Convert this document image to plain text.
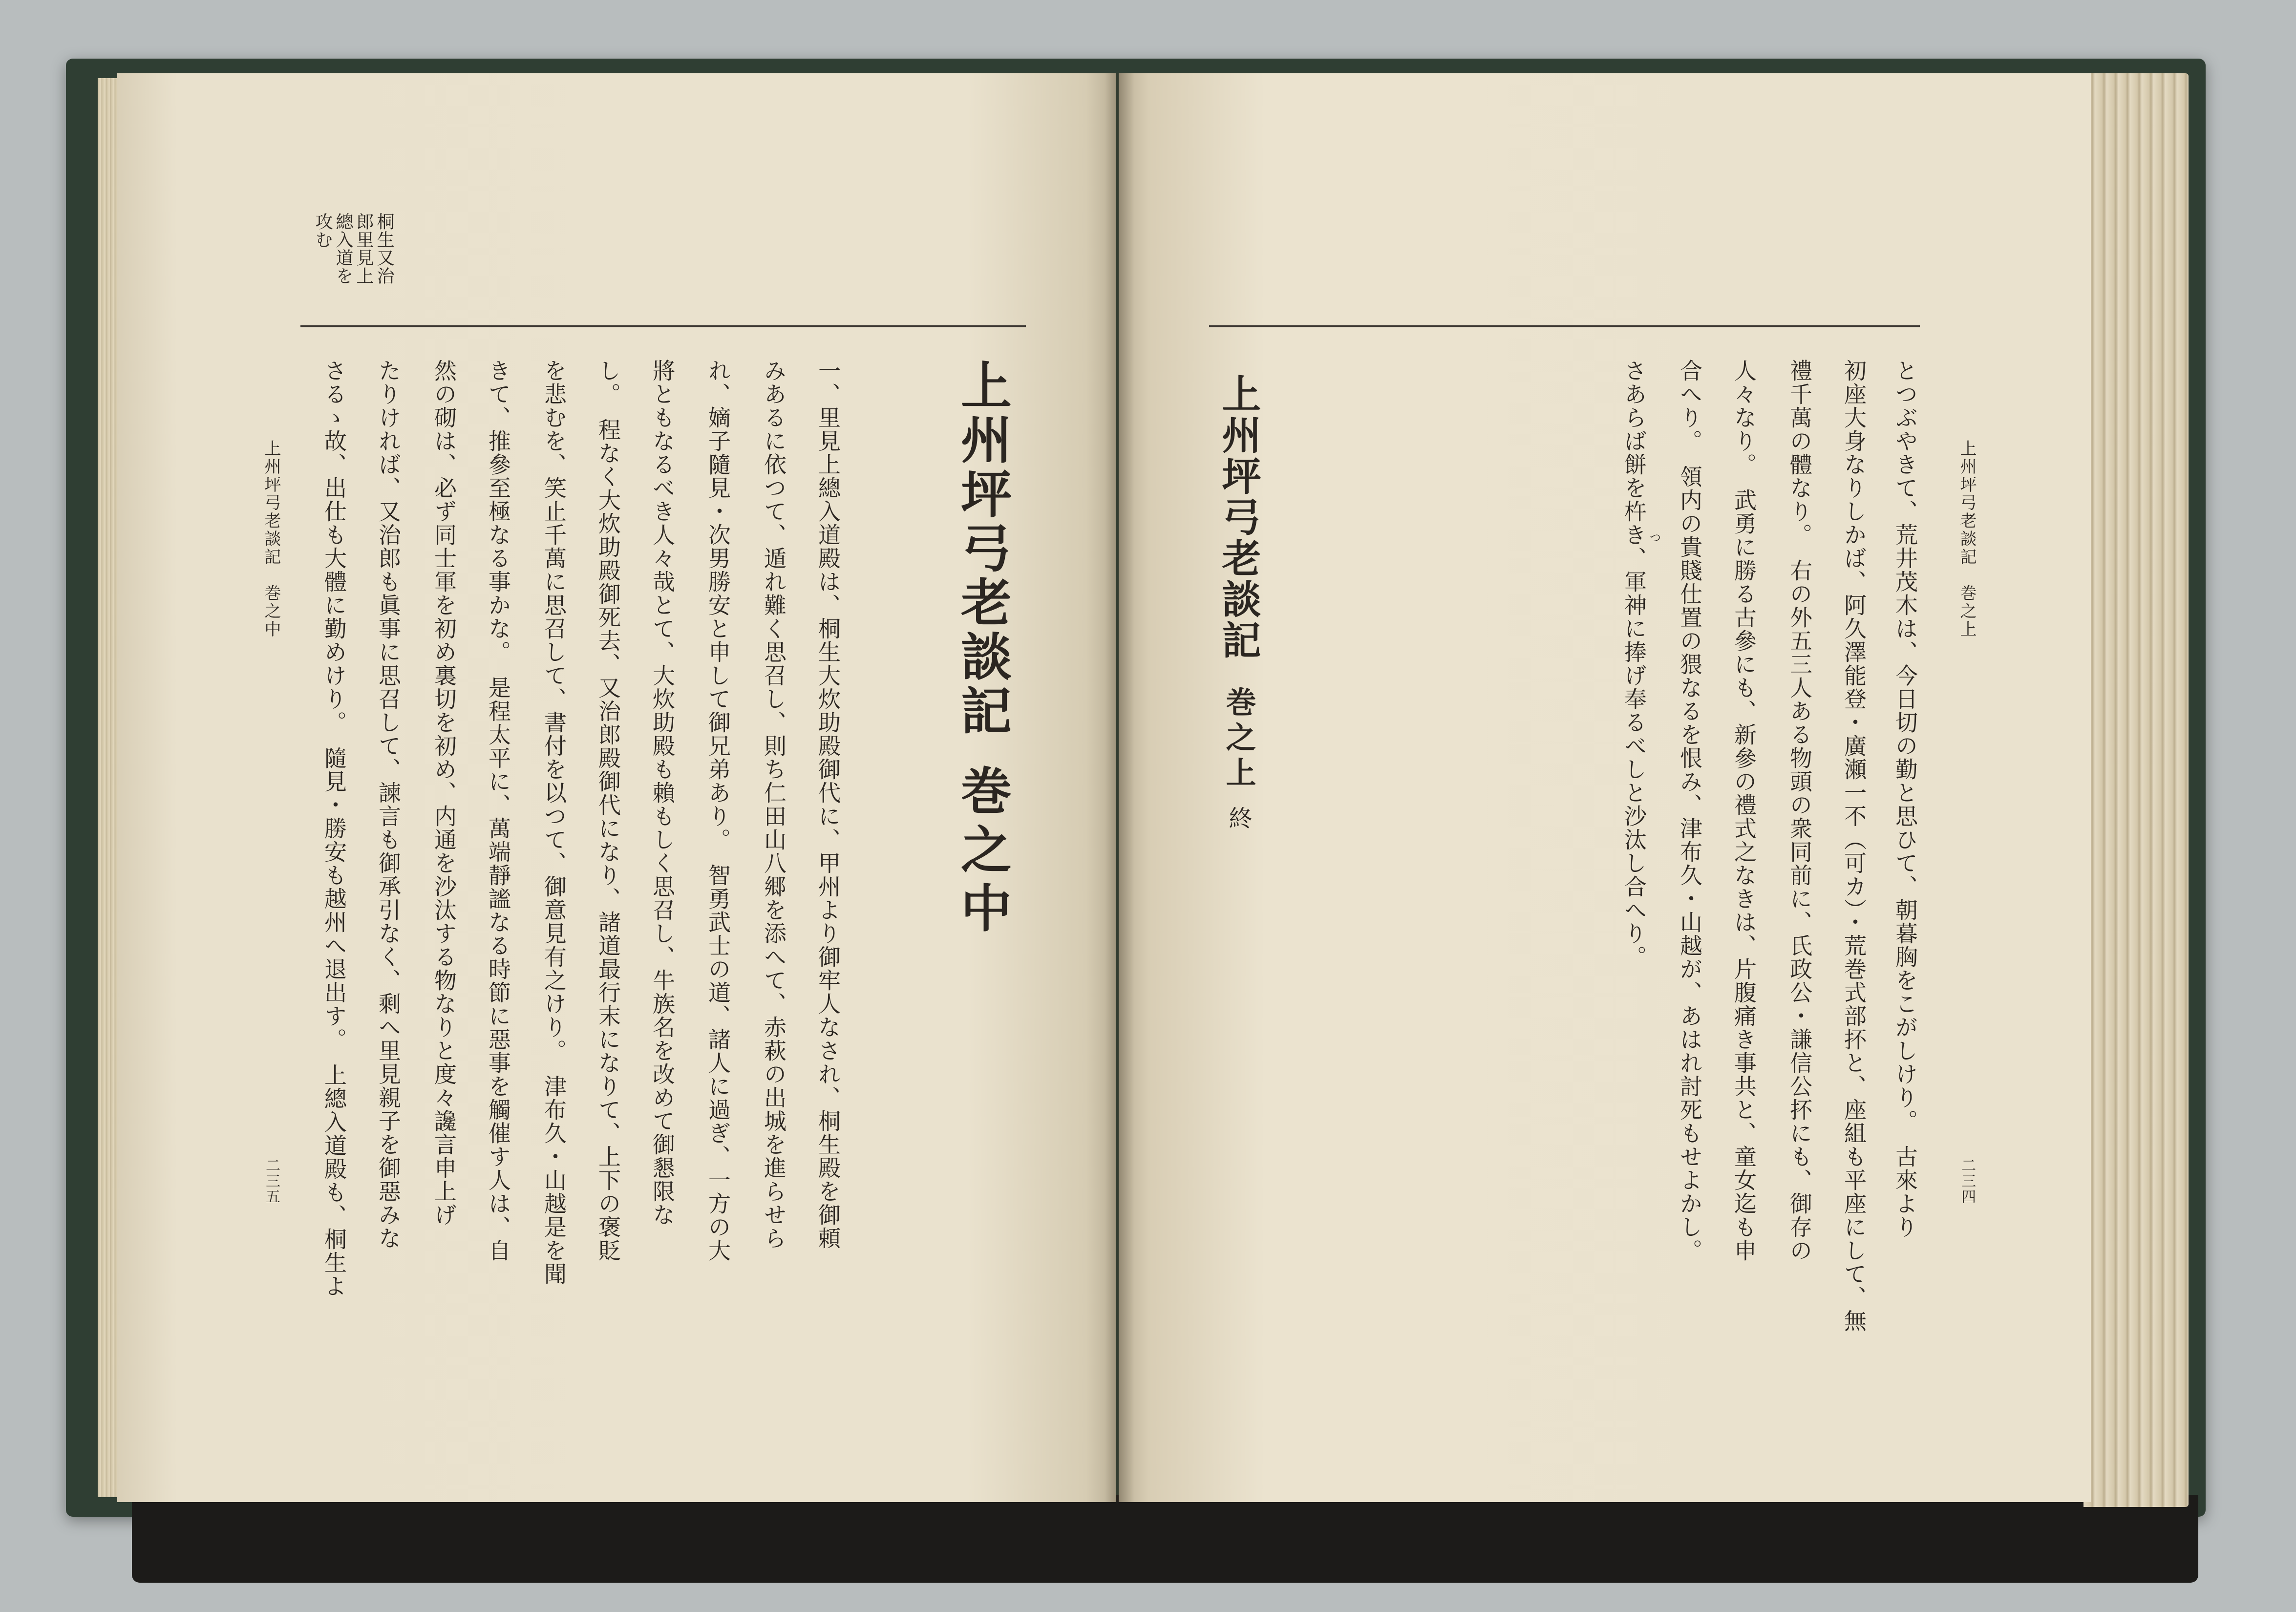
上州坪弓老談記　巻之上
二三四
とつぶやきて、荒井茂木は、今日切の勤と思ひて、朝暮胸をこがしけり。　古來より
初座大身なりしかば、阿久澤能登・廣瀬一不（可カ）・荒巻式部抔と、座組も平座にして、無
禮千萬の體なり。　右の外五三人ある物頭の衆同前に、氏政公・謙信公抔にも、御存の
人々なり。　武勇に勝る古參にも、新參の禮式之なきは、片腹痛き事共と、童女迄も申
合へり。　領内の貴賤仕置の猥なるを恨み、津布久・山越が、あはれ討死もせよかし。
さあらば餅を杵き、軍神に捧げ奉るべしと沙汰し合へり。 つ
上州坪弓老談記
巻之上
終
桐生又治
郎里見上
總入道を
攻む
上州坪弓老談記
巻之中
一、里見上總入道殿は、桐生大炊助殿御代に、甲州より御牢人なされ、桐生殿を御頼
みあるに依つて、遁れ難く思召し、則ち仁田山八郷を添へて、赤萩の出城を進らせら
れ、嫡子隨見・次男勝安と申して御兄弟あり。　智勇武士の道、諸人に過ぎ、一方の大
將ともなるべき人々哉とて、大炊助殿も賴もしく思召し、牛族名を改めて御懇限な
し。　程なく大炊助殿御死去、又治郎殿御代になり、諸道最行末になりて、上下の褒貶
を悲むを、笑止千萬に思召して、書付を以つて、御意見有之けり。　津布久・山越是を聞
きて、推參至極なる事かな。　是程太平に、萬端靜謐なる時節に惡事を觸催す人は、自
然の砌は、必ず同士軍を初め裏切を初め、内通を沙汰する物なりと度々讒言申上げ
たりければ、又治郎も眞事に思召して、諫言も御承引なく、剩へ里見親子を御惡みな
さるゝ故、出仕も大體に勤めけり。　隨見・勝安も越州へ退出す。　上總入道殿も、桐生よ
上州坪弓老談記　巻之中
二三五
